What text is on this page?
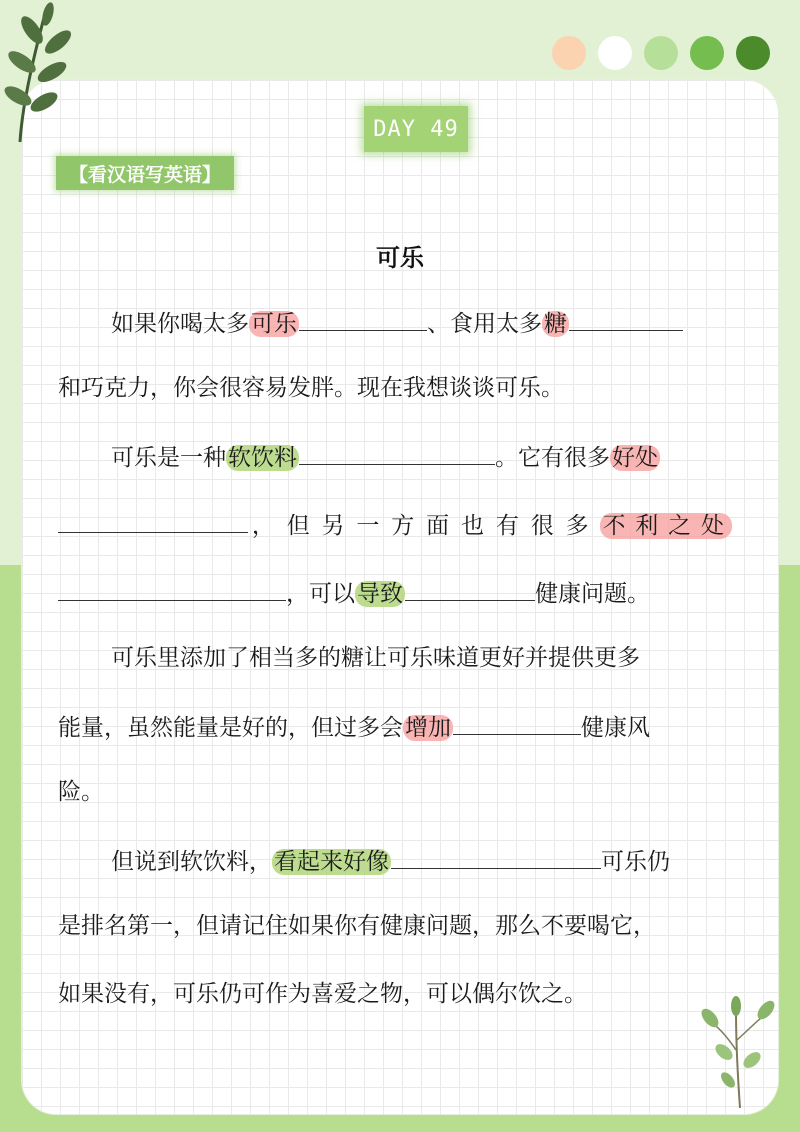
DAY 49
【看汉语写英语】
可乐
如果你喝太多可乐	、食用太多糖
和巧克力，你会很容易发胖。现在我想谈谈可乐。
可乐是一种软饮料	。它有很多好处
，但另一方面也有很多不利之处
，可以导致	健康问题。
可乐里添加了相当多的糖让可乐味道更好并提供更多
能量，虽然能量是好的，但过多会增加	健康风
险。
但说到软饮料，看起来好像	可乐仍
是排名第一，但请记住如果你有健康问题，那么不要喝它，
如果没有，可乐仍可作为喜爱之物，可以偶尔饮之。
